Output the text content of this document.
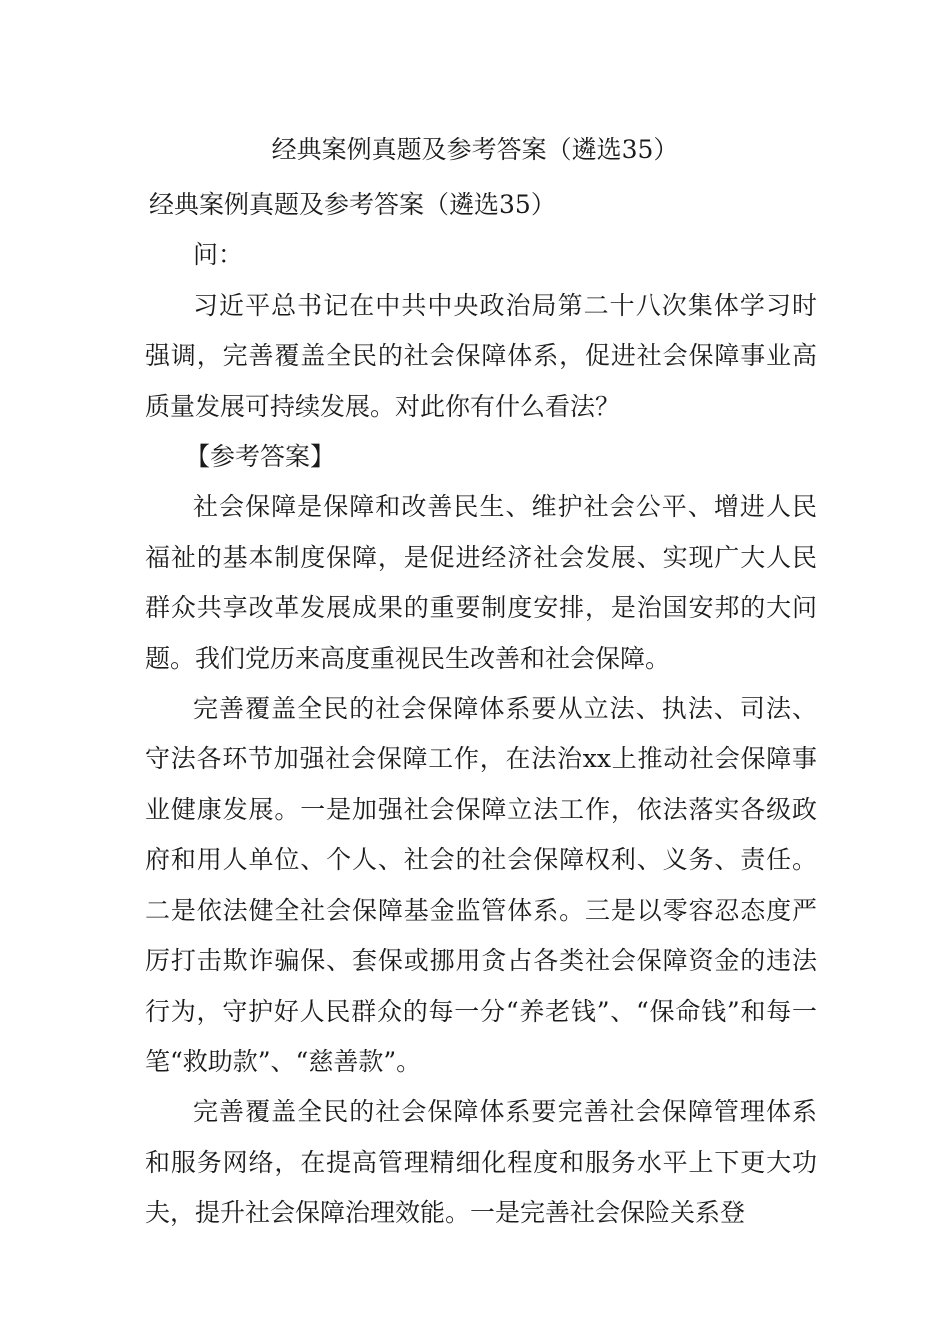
经典案例真题及参考答案（遴选35）

经典案例真题及参考答案（遴选35）

问：

习近平总书记在中共中央政治局第二十八次集体学习时强调，完善覆盖全民的社会保障体系，促进社会保障事业高质量发展可持续发展。对此你有什么看法？

【参考答案】

社会保障是保障和改善民生、维护社会公平、增进人民福祉的基本制度保障，是促进经济社会发展、实现广大人民群众共享改革发展成果的重要制度安排，是治国安邦的大问题。我们党历来高度重视民生改善和社会保障。

完善覆盖全民的社会保障体系要从立法、执法、司法、守法各环节加强社会保障工作，在法治xx上推动社会保障事业健康发展。一是加强社会保障立法工作，依法落实各级政府和用人单位、个人、社会的社会保障权利、义务、责任。二是依法健全社会保障基金监管体系。三是以零容忍态度严厉打击欺诈骗保、套保或挪用贪占各类社会保障资金的违法行为，守护好人民群众的每一分“养老钱”、“保命钱”和每一笔“救助款”、“慈善款”。

完善覆盖全民的社会保障体系要完善社会保障管理体系和服务网络，在提高管理精细化程度和服务水平上下更大功夫，提升社会保障治理效能。一是完善社会保险关系登
